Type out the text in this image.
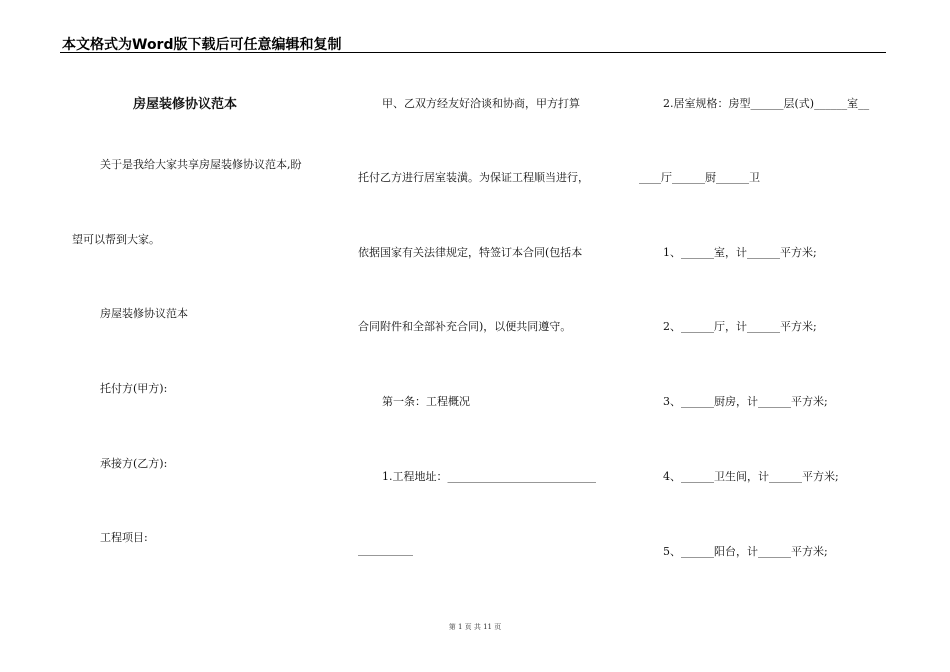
本文格式为Word版下载后可任意编辑和复制
房屋装修协议范本
关于是我给大家共享房屋装修协议范本,盼
望可以帮到大家。
房屋装修协议范本
托付方(甲方):
承接方(乙方):
工程项目:
甲、乙双方经友好洽谈和协商，甲方打算
托付乙方进行居室装潢。为保证工程顺当进行，
依据国家有关法律规定，特签订本合同(包括本
合同附件和全部补充合同)，以便共同遵守。
第一条：工程概况
1.工程地址：___________________________
__________
2.居室规格：房型______层(式)______室__
____厅______厨______卫
1、______室，计______平方米;
2、______厅，计______平方米;
3、______厨房，计______平方米;
4、______卫生间，计______平方米;
5、______阳台，计______平方米;
第 1 页 共 11 页
